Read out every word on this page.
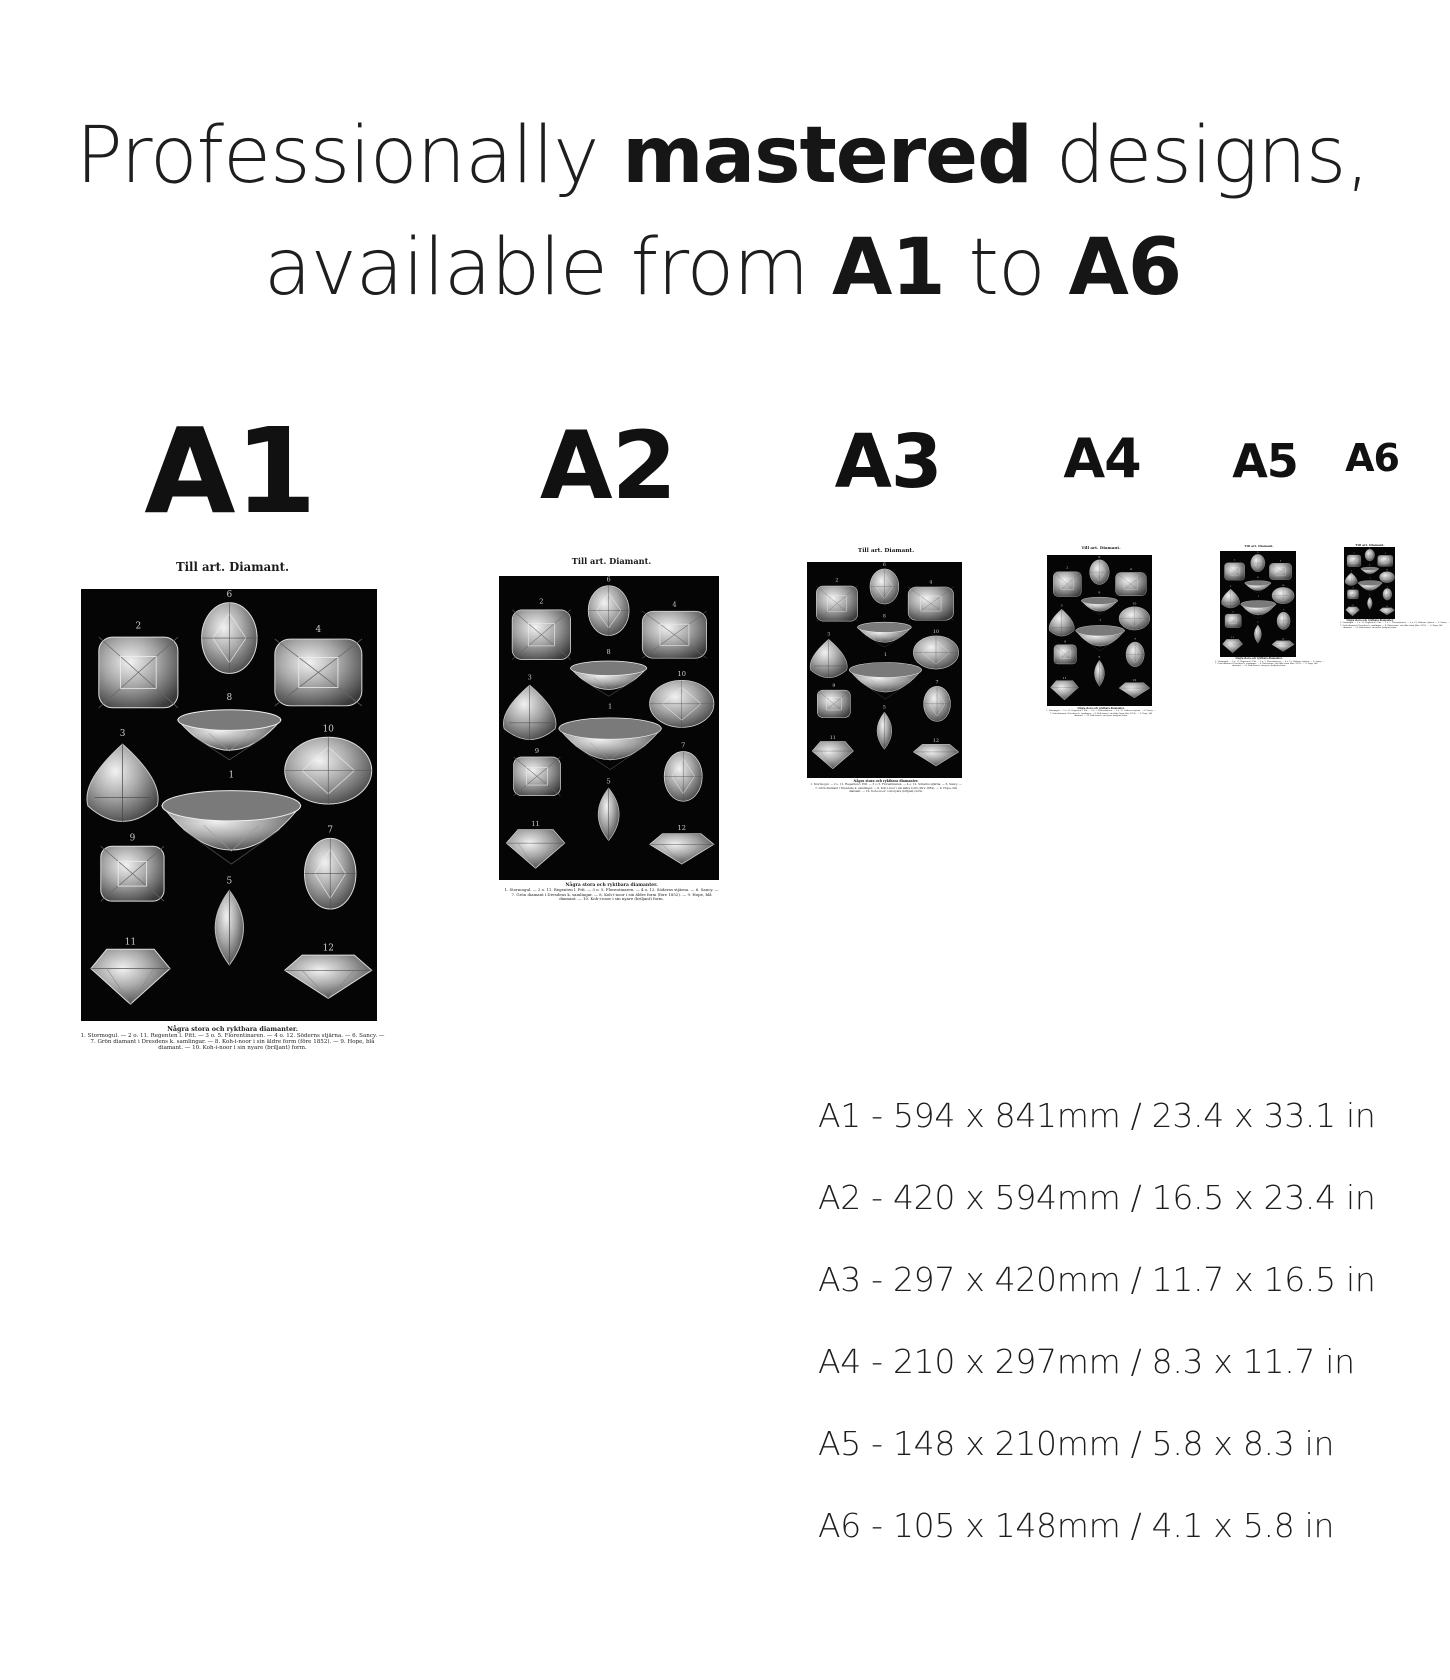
Professionally mastered designs,
available from A1 to A6
A1 A2 A3 A4 A5 A6
Till art. Diamant.
6
2	4
8
3	10
1
9
7
5
11
12
Några stora och ryktbara diamanter.
1. Stormogul. — 2 o. 11. Regenten l. Pitt. — 3 o. 5. Florentinaren. — 4 o. 12. Söderns stjärna. — 6. Sancy. —
7. Grön diamant i Dresdens k. samlingar. — 8. Koh-i-noor i sin äldre form (före 1852). — 9. Hope, blå
diamant. — 10. Koh-i-noor i sin nyare (briljant) form.
Till art. Diamant.
6
2	4
8
3	10
1
9
7
5
11
12
Några stora och ryktbara diamanter.
1. Stormogul. — 2 o. 11. Regenten l. Pitt. — 3 o. 5. Florentinaren. — 4 o. 12. Söderns stjärna. — 6. Sancy. —
7. Grön diamant i Dresdens k. samlingar. — 8. Koh-i-noor i sin äldre form (före 1852). — 9. Hope, blå
diamant. — 10. Koh-i-noor i sin nyare (briljant) form.
Till art. Diamant.
6
2	4
8
3
10
1
9
7
5
11
12
Några stora och ryktbara diamanter.
1. Stormogul. — 2 o. 11. Regenten l. Pitt. — 3 o. 5. Florentinaren. — 4 o. 12. Söderns stjärna. — 6. Sancy. —
7. Grön diamant i Dresdens k. samlingar. — 8. Koh-i-noor i sin äldre form (före 1852). — 9. Hope, blå
diamant. — 10. Koh-i-noor i sin nyare (briljant) form.
Till art. Diamant.
6
2	4
8
3	10
1
9
7
5
11
12
Några stora och ryktbara diamanter.
1. Stormogul. — 2 o. 11. Regenten l. Pitt. — 3 o. 5. Florentinaren. — 4 o. 12. Söderns stjärna. — 6. Sancy. —
7. Grön diamant i Dresdens k. samlingar. — 8. Koh-i-noor i sin äldre form (före 1852). — 9. Hope, blå
diamant. — 10. Koh-i-noor i sin nyare (briljant) form.
Till art. Diamant.
6
2	4
8
3	10
1
9
7
5
11	12
Några stora och ryktbara diamanter.
1. Stormogul. — 2 o. 11. Regenten l. Pitt. — 3 o. 5. Florentinaren. — 4 o. 12. Söderns stjärna. — 6. Sancy. —
7. Grön diamant i Dresdens k. samlingar. — 8. Koh-i-noor i sin äldre form (före 1852). — 9. Hope, blå
diamant. — 10. Koh-i-noor i sin nyare (briljant) form.
Till art. Diamant.
6
2
4
8
3
10
1
9
7
5
11
12
Några stora och ryktbara diamanter.
1. Stormogul. — 2 o. 11. Regenten l. Pitt. — 3 o. 5. Florentinaren. — 4 o. 12. Söderns stjärna. — 6. Sancy. —
7. Grön diamant i Dresdens k. samlingar. — 8. Koh-i-noor i sin äldre form (före 1852). — 9. Hope, blå
diamant. — 10. Koh-i-noor i sin nyare (briljant) form.
A1 - 594 x 841mm / 23.4 x 33.1 in
A2 - 420 x 594mm / 16.5 x 23.4 in
A3 - 297 x 420mm / 11.7 x 16.5 in
A4 - 210 x 297mm / 8.3 x 11.7 in
A5 - 148 x 210mm / 5.8 x 8.3 in
A6 - 105 x 148mm / 4.1 x 5.8 in
